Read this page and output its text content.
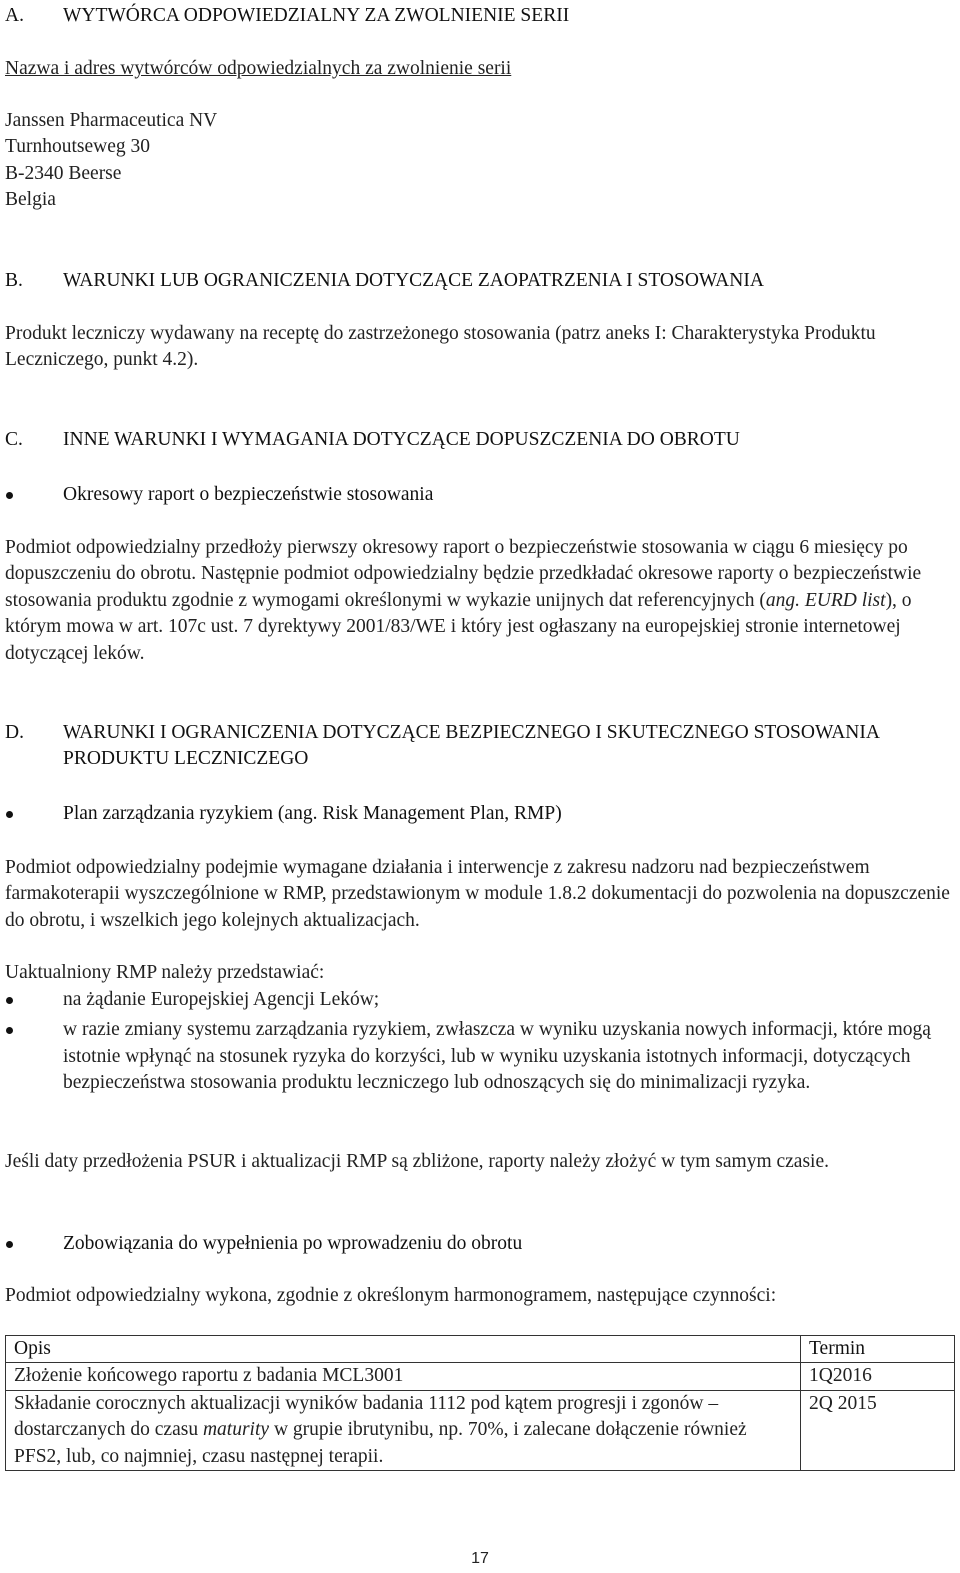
A.	WYTWÓRCA ODPOWIEDZIALNY ZA ZWOLNIENIE SERII

Nazwa i adres wytwórców odpowiedzialnych za zwolnienie serii

Janssen Pharmaceutica NV
Turnhoutseweg 30
B-2340 Beerse
Belgia
B.	WARUNKI LUB OGRANICZENIA DOTYCZĄCE ZAOPATRZENIA I STOSOWANIA

Produkt leczniczy wydawany na receptę do zastrzeżonego stosowania (patrz aneks I: Charakterystyka Produktu Leczniczego, punkt 4.2).

C.	INNE WARUNKI I WYMAGANIA DOTYCZĄCE DOPUSZCZENIA DO OBROTU
Okresowy raport o bezpieczeństwie stosowania

Podmiot odpowiedzialny przedłoży pierwszy okresowy raport o bezpieczeństwie stosowania w ciągu 6 miesięcy po dopuszczeniu do obrotu. Następnie podmiot odpowiedzialny będzie przedkładać okresowe raporty o bezpieczeństwie stosowania produktu zgodnie z wymogami określonymi w wykazie unijnych dat referencyjnych (ang. EURD list), o którym mowa w art. 107c ust. 7 dyrektywy 2001/83/WE i który jest ogłaszany na europejskiej stronie internetowej dotyczącej leków.

D.	WARUNKI I OGRANICZENIA DOTYCZĄCE BEZPIECZNEGO I SKUTECZNEGO STOSOWANIA PRODUKTU LECZNICZEGO
Plan zarządzania ryzykiem (ang. Risk Management Plan, RMP)

Podmiot odpowiedzialny podejmie wymagane działania i interwencje z zakresu nadzoru nad bezpieczeństwem farmakoterapii wyszczególnione w RMP, przedstawionym w module 1.8.2 dokumentacji do pozwolenia na dopuszczenie do obrotu, i wszelkich jego kolejnych aktualizacjach.

Uaktualniony RMP należy przedstawiać:

na żądanie Europejskiej Agencji Leków;
w razie zmiany systemu zarządzania ryzykiem, zwłaszcza w wyniku uzyskania nowych informacji, które mogą istotnie wpłynąć na stosunek ryzyka do korzyści, lub w wyniku uzyskania istotnych informacji, dotyczących bezpieczeństwa stosowania produktu leczniczego lub odnoszących się do minimalizacji ryzyka.

Jeśli daty przedłożenia PSUR i aktualizacji RMP są zbliżone, raporty należy złożyć w tym samym czasie.

Zobowiązania do wypełnienia po wprowadzeniu do obrotu

Podmiot odpowiedzialny wykona, zgodnie z określonym harmonogramem, następujące czynności:

Opis	Termin
Złożenie końcowego raportu z badania MCL3001	1Q2016
Składanie corocznych aktualizacji wyników badania 1112 pod kątem progresji i zgonów – dostarczanych do czasu maturity w grupie ibrutynibu, np. 70%, i zalecane dołączenie również PFS2, lub, co najmniej, czasu następnej terapii.	2Q 2015
17
